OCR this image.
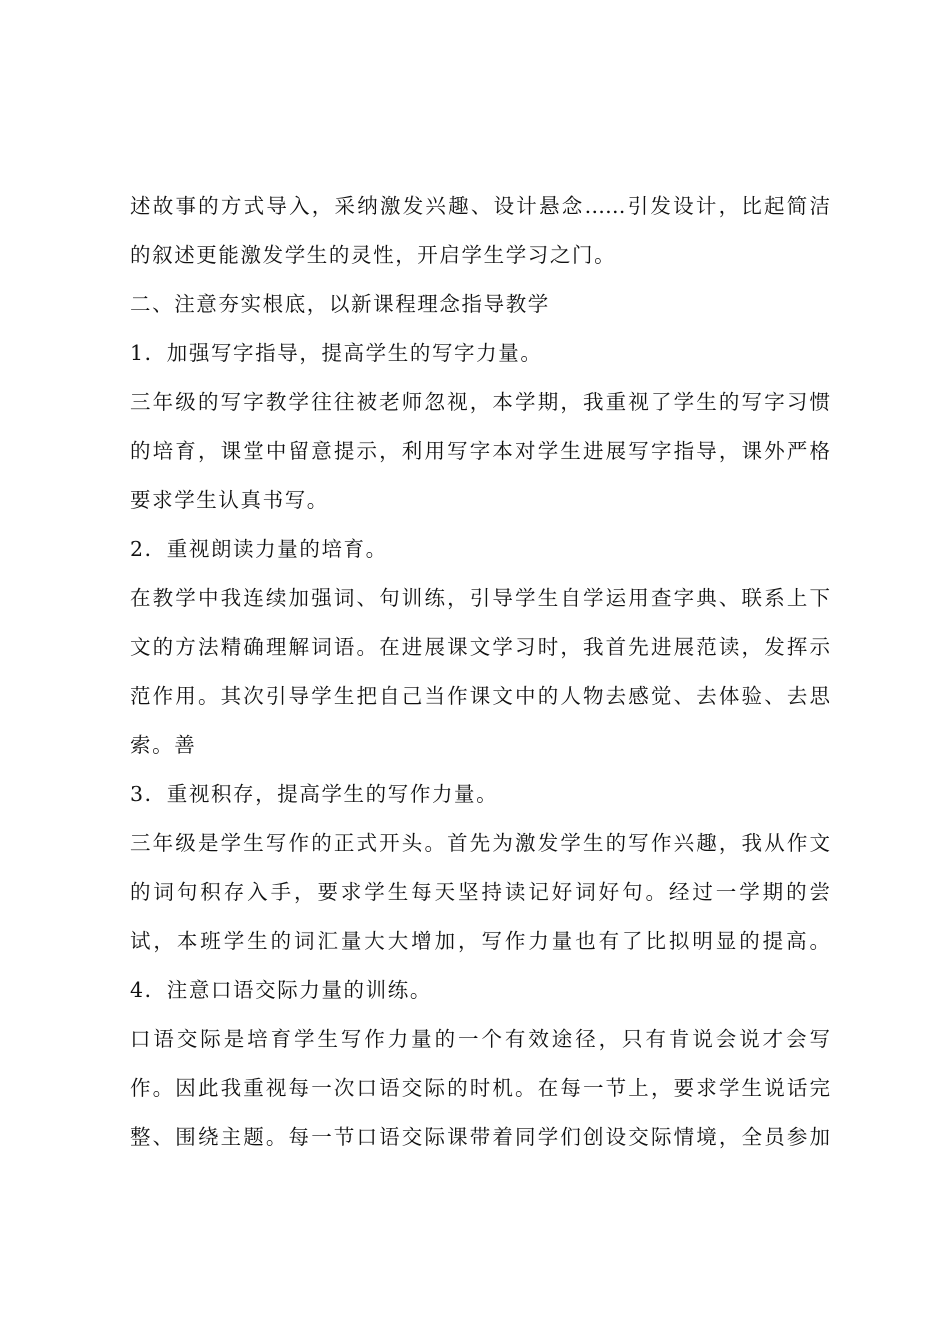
述故事的方式导入，采纳激发兴趣、设计悬念……引发设计，比起简洁
的叙述更能激发学生的灵性，开启学生学习之门。
二、注意夯实根底，以新课程理念指导教学
1．加强写字指导，提高学生的写字力量。
三年级的写字教学往往被老师忽视，本学期，我重视了学生的写字习惯
的培育，课堂中留意提示，利用写字本对学生进展写字指导，课外严格
要求学生认真书写。
2．重视朗读力量的培育。
在教学中我连续加强词、句训练，引导学生自学运用查字典、联系上下
文的方法精确理解词语。在进展课文学习时，我首先进展范读，发挥示
范作用。其次引导学生把自己当作课文中的人物去感觉、去体验、去思
索。善
3．重视积存，提高学生的写作力量。
三年级是学生写作的正式开头。首先为激发学生的写作兴趣，我从作文
的词句积存入手，要求学生每天坚持读记好词好句。经过一学期的尝
试，本班学生的词汇量大大增加，写作力量也有了比拟明显的提高。
4．注意口语交际力量的训练。
口语交际是培育学生写作力量的一个有效途径，只有肯说会说才会写
作。因此我重视每一次口语交际的时机。在每一节上，要求学生说话完
整、围绕主题。每一节口语交际课带着同学们创设交际情境，全员参加
